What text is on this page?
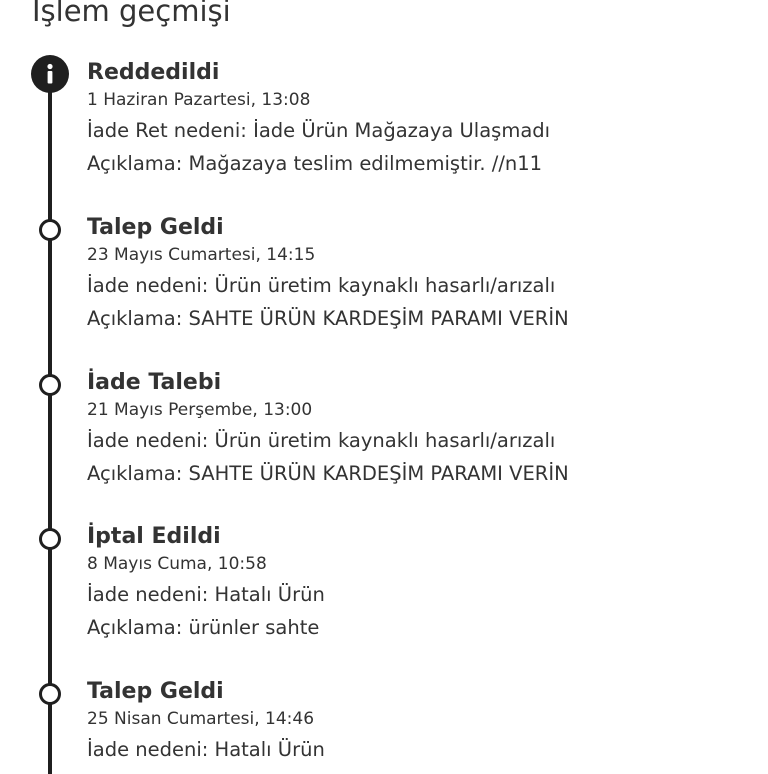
Işlem geçmişi
Reddedildi
1 Haziran Pazartesi, 13:08
İade Ret nedeni: İade Ürün Mağazaya Ulaşmadı
Açıklama: Mağazaya teslim edilmemiştir. //n11
Talep Geldi
23 Mayıs Cumartesi, 14:15
İade nedeni: Ürün üretim kaynaklı hasarlı/arızalı
Açıklama: SAHTE ÜRÜN KARDEŞİM PARAMI VERİN
İade Talebi
21 Mayıs Perşembe, 13:00
İade nedeni: Ürün üretim kaynaklı hasarlı/arızalı
Açıklama: SAHTE ÜRÜN KARDEŞİM PARAMI VERİN
İptal Edildi
8 Mayıs Cuma, 10:58
İade nedeni: Hatalı Ürün
Açıklama: ürünler sahte
Talep Geldi
25 Nisan Cumartesi, 14:46
İade nedeni: Hatalı Ürün
